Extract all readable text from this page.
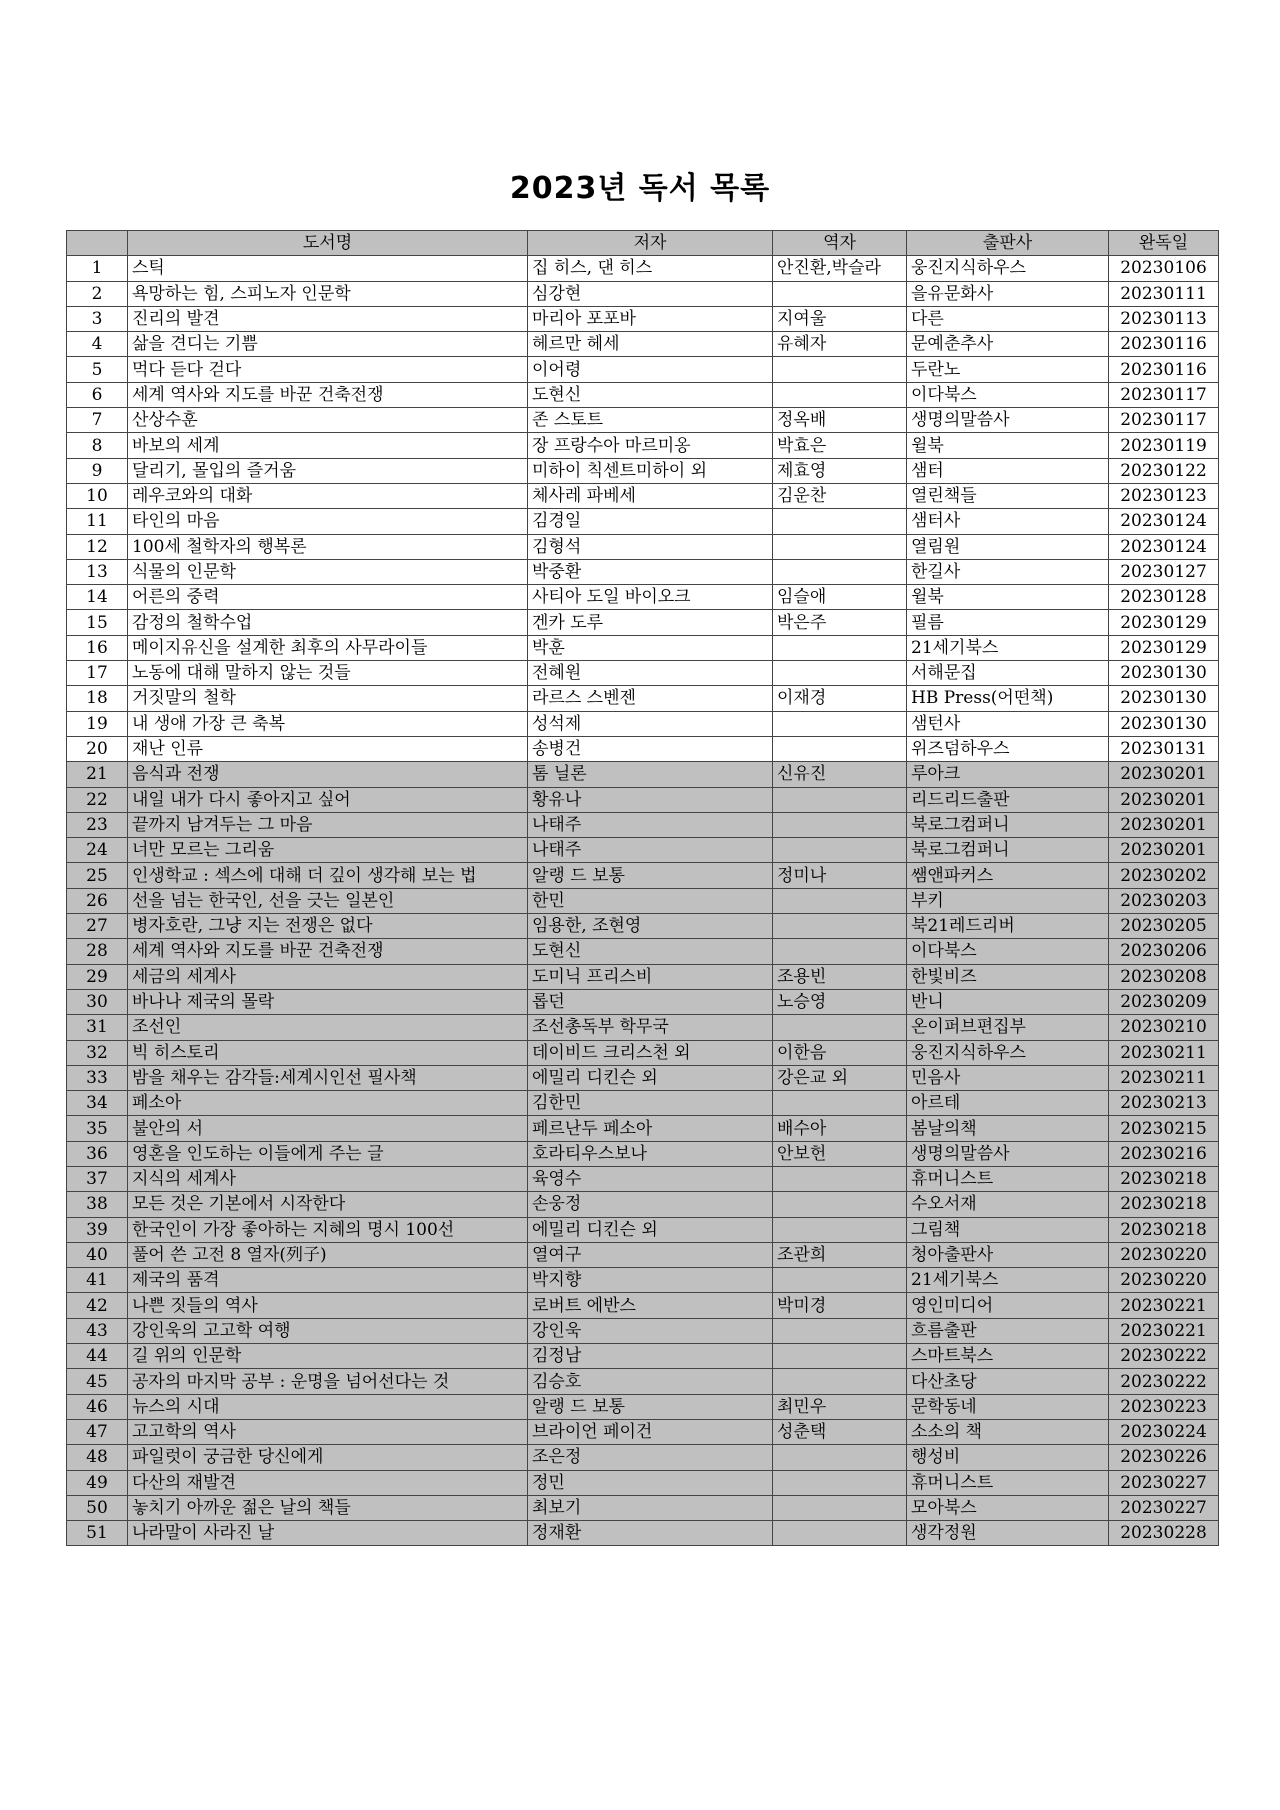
2023년 독서 목록
	도서명	저자	역자	출판사	완독일
1	스틱	집 히스, 댄 히스	안진환,박슬라	웅진지식하우스	20230106
2	욕망하는 힘, 스피노자 인문학	심강현		을유문화사	20230111
3	진리의 발견	마리아 포포바	지여울	다른	20230113
4	삶을 견디는 기쁨	헤르만 헤세	유혜자	문예춘추사	20230116
5	먹다 듣다 걷다	이어령		두란노	20230116
6	세계 역사와 지도를 바꾼 건축전쟁	도현신		이다북스	20230117
7	산상수훈	존 스토트	정옥배	생명의말씀사	20230117
8	바보의 세계	장 프랑수아 마르미옹	박효은	윌북	20230119
9	달리기, 몰입의 즐거움	미하이 칙센트미하이 외	제효영	샘터	20230122
10	레우코와의 대화	체사레 파베세	김운찬	열린책들	20230123
11	타인의 마음	김경일		샘터사	20230124
12	100세 철학자의 행복론	김형석		열림원	20230124
13	식물의 인문학	박중환		한길사	20230127
14	어른의 중력	사티아 도일 바이오크	임슬애	윌북	20230128
15	감정의 철학수업	겐카 도루	박은주	필름	20230129
16	메이지유신을 설계한 최후의 사무라이들	박훈		21세기북스	20230129
17	노동에 대해 말하지 않는 것들	전혜원		서해문집	20230130
18	거짓말의 철학	라르스 스벤젠	이재경	HB Press(어떤책)	20230130
19	내 생애 가장 큰 축복	성석제		샘턴사	20230130
20	재난 인류	송병건		위즈덤하우스	20230131
21	음식과 전쟁	톰 닐론	신유진	루아크	20230201
22	내일 내가 다시 좋아지고 싶어	황유나		리드리드출판	20230201
23	끝까지 남겨두는 그 마음	나태주		북로그컴퍼니	20230201
24	너만 모르는 그리움	나태주		북로그컴퍼니	20230201
25	인생학교 : 섹스에 대해 더 깊이 생각해 보는 법	알랭 드 보통	정미나	쌤앤파커스	20230202
26	선을 넘는 한국인, 선을 긋는 일본인	한민		부키	20230203
27	병자호란, 그냥 지는 전쟁은 없다	임용한, 조현영		북21레드리버	20230205
28	세계 역사와 지도를 바꾼 건축전쟁	도현신		이다북스	20230206
29	세금의 세계사	도미닉 프리스비	조용빈	한빛비즈	20230208
30	바나나 제국의 몰락	롭던	노승영	반니	20230209
31	조선인	조선총독부 학무국		온이퍼브편집부	20230210
32	빅 히스토리	데이비드 크리스천 외	이한음	웅진지식하우스	20230211
33	밤을 채우는 감각들:세계시인선 필사책	에밀리 디킨슨 외	강은교 외	민음사	20230211
34	페소아	김한민		아르테	20230213
35	불안의 서	페르난두 페소아	배수아	봄날의책	20230215
36	영혼을 인도하는 이들에게 주는 글	호라티우스보나	안보헌	생명의말씀사	20230216
37	지식의 세계사	육영수		휴머니스트	20230218
38	모든 것은 기본에서 시작한다	손웅정		수오서재	20230218
39	한국인이 가장 좋아하는 지혜의 명시 100선	에밀리 디킨슨 외		그림책	20230218
40	풀어 쓴 고전 8 열자(列子)	열여구	조관희	청아출판사	20230220
41	제국의 품격	박지향		21세기북스	20230220
42	나쁜 짓들의 역사	로버트 에반스	박미경	영인미디어	20230221
43	강인욱의 고고학 여행	강인욱		흐름출판	20230221
44	길 위의 인문학	김정남		스마트북스	20230222
45	공자의 마지막 공부 : 운명을 넘어선다는 것	김승호		다산초당	20230222
46	뉴스의 시대	알랭 드 보통	최민우	문학동네	20230223
47	고고학의 역사	브라이언 페이건	성춘택	소소의 책	20230224
48	파일럿이 궁금한 당신에게	조은정		행성비	20230226
49	다산의 재발견	정민		휴머니스트	20230227
50	놓치기 아까운 젊은 날의 책들	최보기		모아북스	20230227
51	나라말이 사라진 날	정재환		생각정원	20230228
